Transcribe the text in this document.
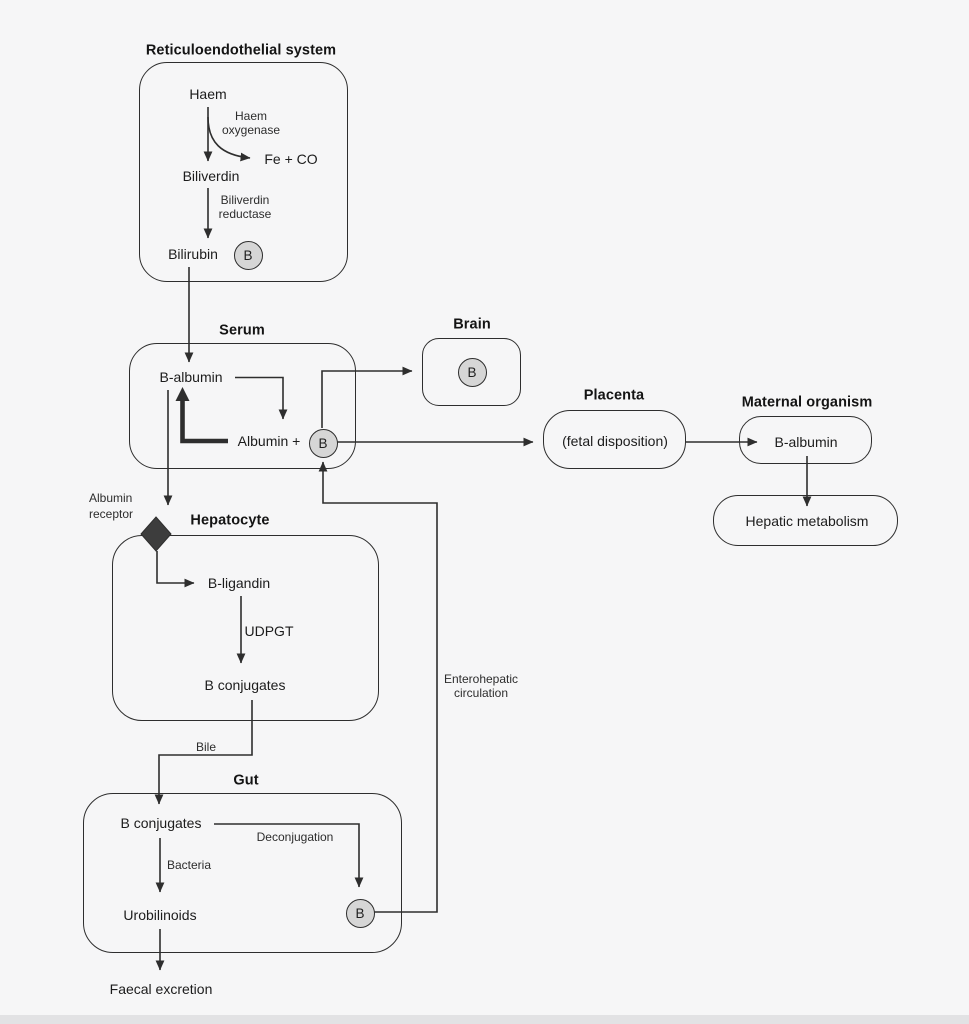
Reticuloendothelial system
Serum	Brain
Placenta	Maternal organism
Hepatocyte
Gut
Haem
Haem
oxygenase
Fe + CO
Biliverdin
Biliverdin
reductase
Bilirubin B
B-albumin
Albumin + B
B
(fetal disposition)	B-albumin
Hepatic metabolism
Albumin
receptor
B-ligandin
UDPGT
B conjugates
Bile
B conjugates
Deconjugation
Bacteria
Urobilinoids	B
Enterohepatic
circulation
Faecal excretion
